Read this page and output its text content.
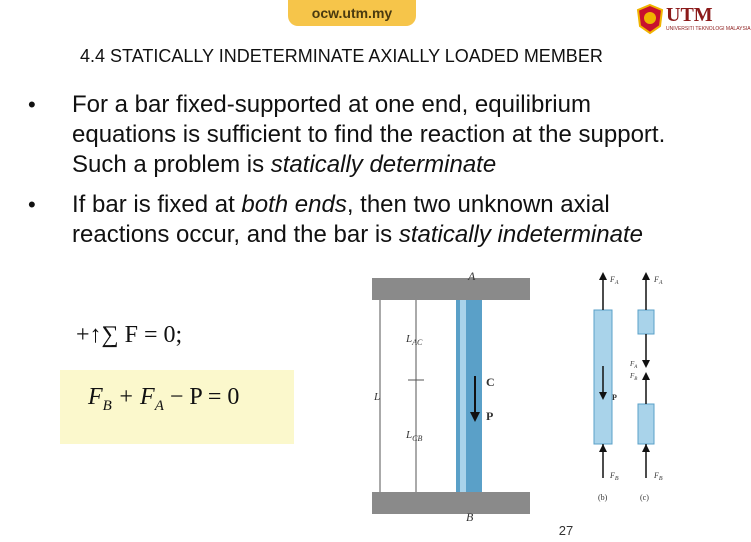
ocw.utm.my	UTM
UNIVERSITI TEKNOLOGI MALAYSIA
4.4 STATICALLY INDETERMINATE AXIALLY LOADED MEMBER
• For a bar fixed-supported at one end, equilibrium equations is sufficient to find the reaction at the support. Such a problem is statically determinate
• If bar is fixed at both ends, then two unknown axial reactions occur, and the bar is statically indeterminate
+↑∑ F = 0;
$F_B + F_A - P = 0$
A
B
$L_{AC}$
L
$L_{CB}$
C
P
$F_A$
P
$F_B$
(b)
$F_A$
$F_A$
$F_B$
$F_B$
(c)
27
